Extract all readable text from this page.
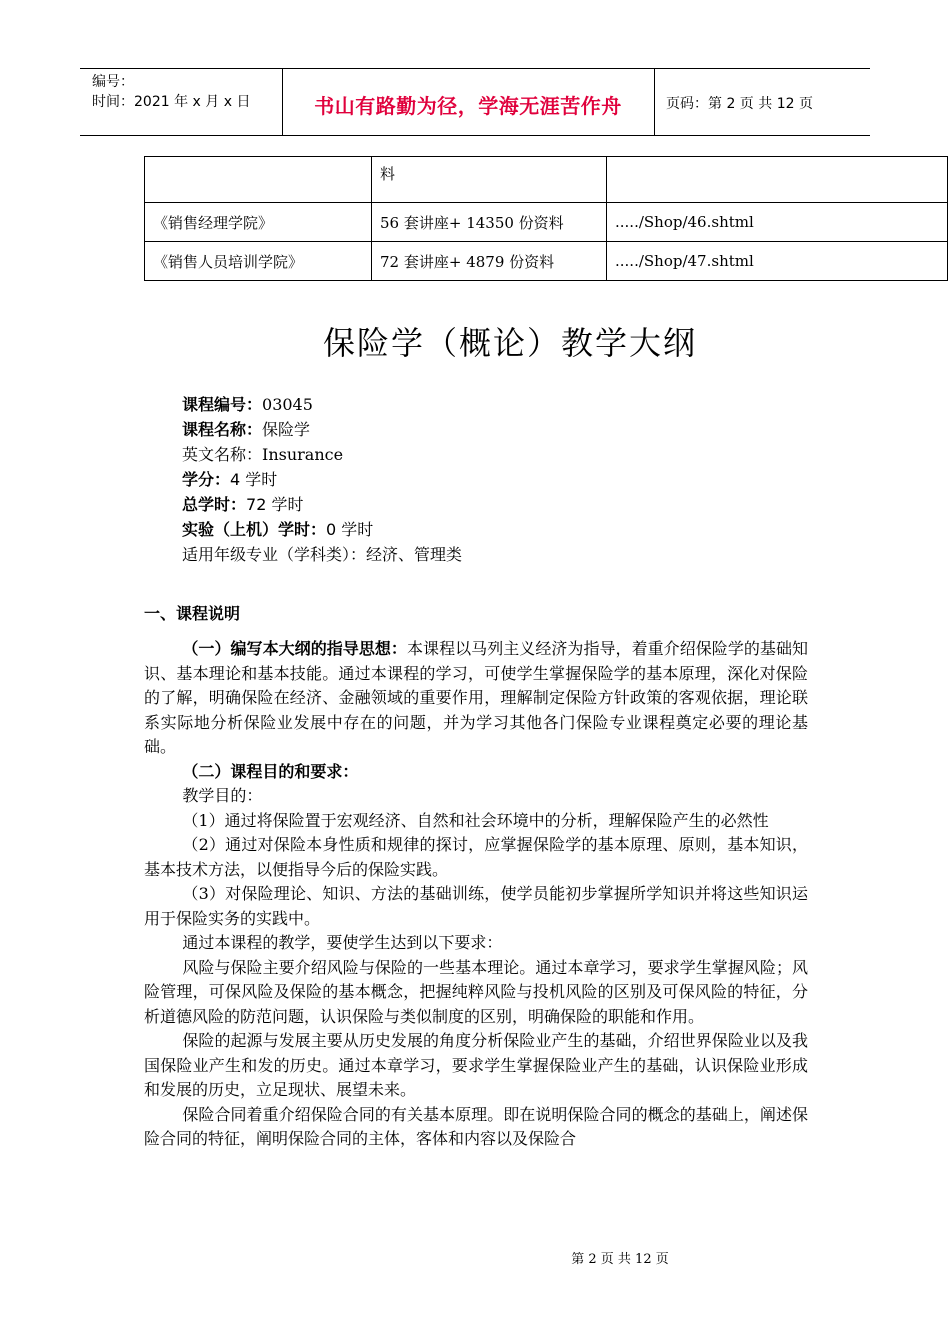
编号：
时间：2021 年 x 月 x 日	书山有路勤为径，学海无涯苦作舟	页码：第 2 页 共 12 页
	料	
《销售经理学院》	56 套讲座+ 14350 份资料	...../Shop/46.shtml
《销售人员培训学院》	72 套讲座+ 4879 份资料	...../Shop/47.shtml
保险学（概论）教学大纲
课程编号：03045
课程名称：保险学
英文名称：Insurance
学分：4 学时
总学时：72 学时
实验（上机）学时：0 学时
适用年级专业（学科类）：经济、管理类
一、课程说明

（一）编写本大纲的指导思想：本课程以马列主义经济为指导，着重介绍保险学的基础知识、基本理论和基本技能。通过本课程的学习，可使学生掌握保险学的基本原理，深化对保险的了解，明确保险在经济、金融领域的重要作用，理解制定保险方针政策的客观依据，理论联系实际地分析保险业发展中存在的问题，并为学习其他各门保险专业课程奠定必要的理论基础。

（二）课程目的和要求：

教学目的：

（1）通过将保险置于宏观经济、自然和社会环境中的分析，理解保险产生的必然性

（2）通过对保险本身性质和规律的探讨，应掌握保险学的基本原理、原则，基本知识，基本技术方法，以便指导今后的保险实践。

（3）对保险理论、知识、方法的基础训练，使学员能初步掌握所学知识并将这些知识运用于保险实务的实践中。

通过本课程的教学，要使学生达到以下要求：

风险与保险主要介绍风险与保险的一些基本理论。通过本章学习，要求学生掌握风险；风险管理，可保风险及保险的基本概念，把握纯粹风险与投机风险的区别及可保风险的特征，分析道德风险的防范问题，认识保险与类似制度的区别，明确保险的职能和作用。

保险的起源与发展主要从历史发展的角度分析保险业产生的基础，介绍世界保险业以及我国保险业产生和发的历史。通过本章学习，要求学生掌握保险业产生的基础，认识保险业形成和发展的历史，立足现状、展望未来。

保险合同着重介绍保险合同的有关基本原理。即在说明保险合同的概念的基础上，阐述保险合同的特征，阐明保险合同的主体，客体和内容以及保险合

第 2 页 共 12 页
